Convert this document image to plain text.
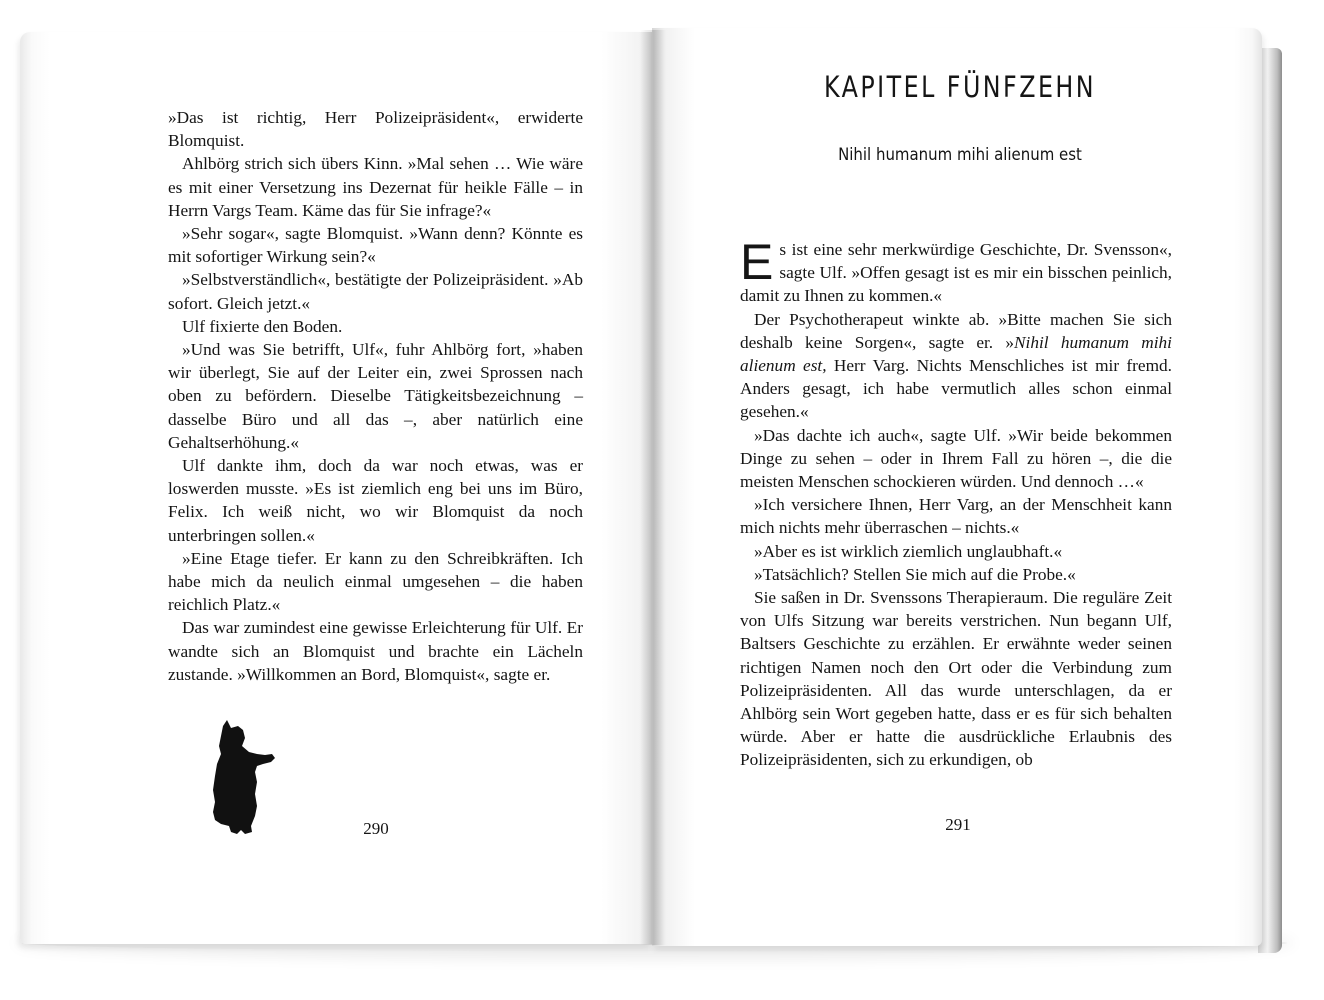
»Das ist richtig, Herr Polizeipräsident«, erwiderte Blomquist.

Ahlbörg strich sich übers Kinn. »Mal sehen … Wie wäre es mit einer Versetzung ins Dezernat für heikle Fälle – in Herrn Vargs Team. Käme das für Sie infrage?«

»Sehr sogar«, sagte Blomquist. »Wann denn? Könnte es mit sofortiger Wirkung sein?«

»Selbstverständlich«, bestätigte der Polizeipräsident. »Ab sofort. Gleich jetzt.«

Ulf fixierte den Boden.

»Und was Sie betrifft, Ulf«, fuhr Ahlbörg fort, »haben wir überlegt, Sie auf der Leiter ein, zwei Sprossen nach oben zu befördern. Dieselbe Tätigkeitsbezeichnung – dasselbe Büro und all das –, aber natürlich eine Gehaltserhöhung.«

Ulf dankte ihm, doch da war noch etwas, was er loswerden musste. »Es ist ziemlich eng bei uns im Büro, Felix. Ich weiß nicht, wo wir Blomquist da noch unterbringen sollen.«

»Eine Etage tiefer. Er kann zu den Schreibkräften. Ich habe mich da neulich einmal umgesehen – die haben reichlich Platz.«

Das war zumindest eine gewisse Erleichterung für Ulf. Er wandte sich an Blomquist und brachte ein Lächeln zustande. »Willkommen an Bord, Blomquist«, sagte er.

290
KAPITEL FÜNFZEHN
Nihil humanum mihi alienum est

Es ist eine sehr merkwürdige Geschichte, Dr. Svensson«, sagte Ulf. »Offen gesagt ist es mir ein bisschen peinlich, damit zu Ihnen zu kommen.«

Der Psychotherapeut winkte ab. »Bitte machen Sie sich deshalb keine Sorgen«, sagte er. »Nihil humanum mihi alienum est, Herr Varg. Nichts Menschliches ist mir fremd. Anders gesagt, ich habe vermutlich alles schon einmal gesehen.«

»Das dachte ich auch«, sagte Ulf. »Wir beide bekommen Dinge zu sehen – oder in Ihrem Fall zu hören –, die die meisten Menschen schockieren würden. Und dennoch …«

»Ich versichere Ihnen, Herr Varg, an der Menschheit kann mich nichts mehr überraschen – nichts.«

»Aber es ist wirklich ziemlich unglaubhaft.«

»Tatsächlich? Stellen Sie mich auf die Probe.«

Sie saßen in Dr. Svenssons Therapieraum. Die reguläre Zeit von Ulfs Sitzung war bereits verstrichen. Nun begann Ulf, Baltsers Geschichte zu erzählen. Er erwähnte weder seinen richtigen Namen noch den Ort oder die Verbindung zum Polizeipräsidenten. All das wurde unterschlagen, da er Ahlbörg sein Wort gegeben hatte, dass er es für sich behalten würde. Aber er hatte die ausdrückliche Erlaubnis des Polizeipräsidenten, sich zu erkundigen, ob

291
